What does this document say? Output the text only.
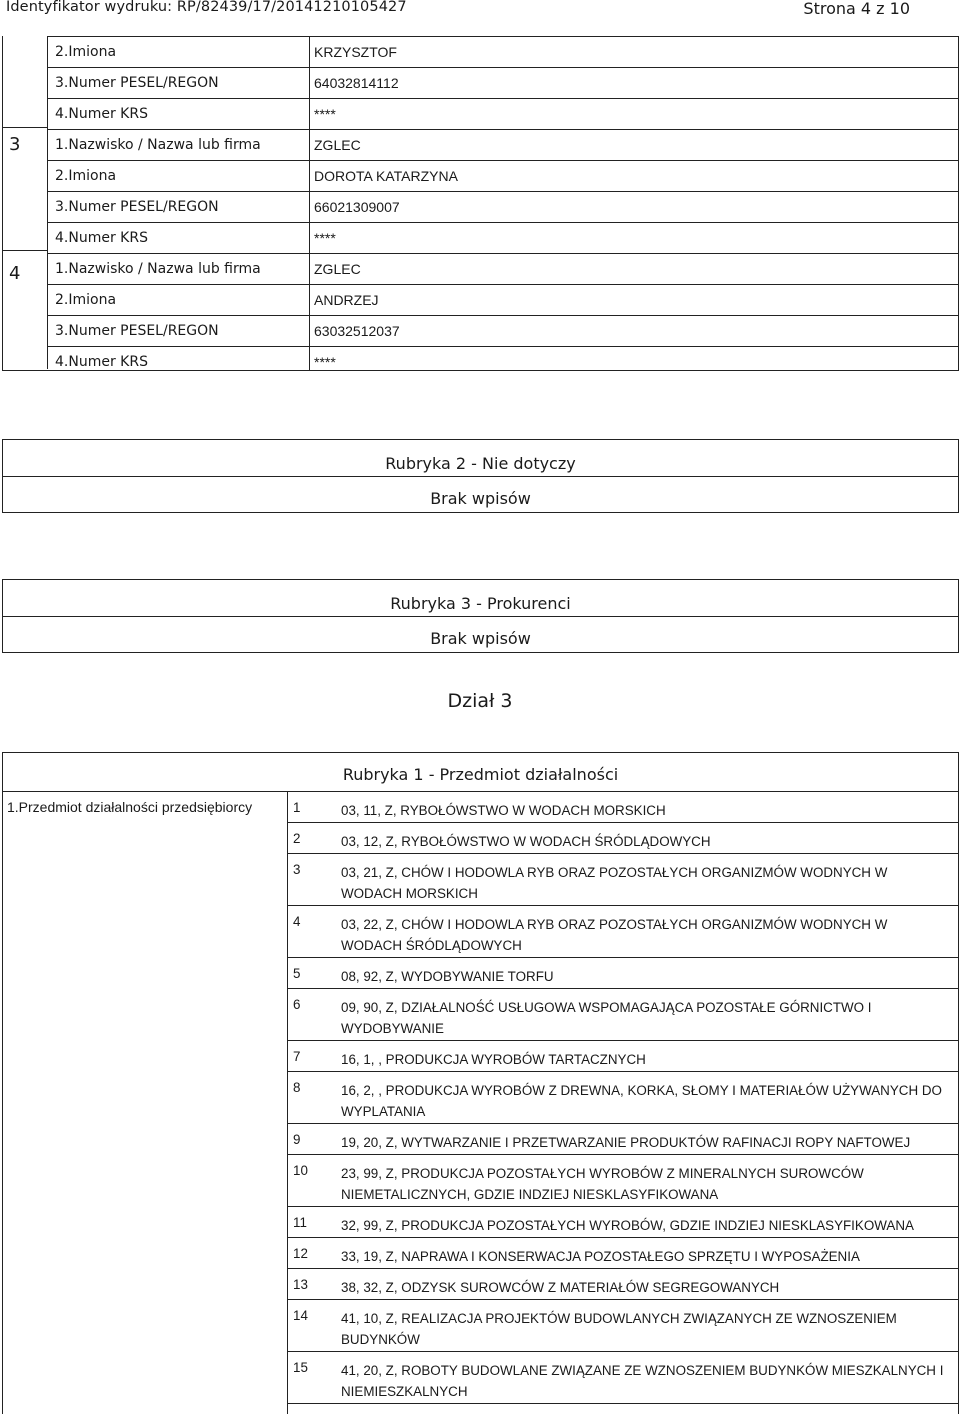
Identyfikator wydruku: RP/82439/17/20141210105427	Strona 4 z 10
2.Imiona	KRZYSZTOF
3.Numer PESEL/REGON	64032814112
4.Numer KRS	****
3 1.Nazwisko / Nazwa lub firma	ZGLEC
2.Imiona	DOROTA KATARZYNA
3.Numer PESEL/REGON	66021309007
4.Numer KRS	****
4 1.Nazwisko / Nazwa lub firma	ZGLEC
2.Imiona	ANDRZEJ
3.Numer PESEL/REGON	63032512037
4.Numer KRS	****
Rubryka 2 - Nie dotyczy
Brak wpisów
Rubryka 3 - Prokurenci
Brak wpisów
Dział 3
Rubryka 1 - Przedmiot działalności
1.Przedmiot działalności przedsiębiorcy	1	03, 11, Z, RYBOŁÓWSTWO W WODACH MORSKICH
2	03, 12, Z, RYBOŁÓWSTWO W WODACH ŚRÓDLĄDOWYCH
3	03, 21, Z, CHÓW I HODOWLA RYB ORAZ POZOSTAŁYCH ORGANIZMÓW WODNYCH W WODACH MORSKICH
4	03, 22, Z, CHÓW I HODOWLA RYB ORAZ POZOSTAŁYCH ORGANIZMÓW WODNYCH W WODACH ŚRÓDLĄDOWYCH
5	08, 92, Z, WYDOBYWANIE TORFU
6	09, 90, Z, DZIAŁALNOŚĆ USŁUGOWA WSPOMAGAJĄCA POZOSTAŁE GÓRNICTWO I WYDOBYWANIE
7	16, 1, , PRODUKCJA WYROBÓW TARTACZNYCH
8	16, 2, , PRODUKCJA WYROBÓW Z DREWNA, KORKA, SŁOMY I MATERIAŁÓW UŻYWANYCH DO WYPLATANIA
9	19, 20, Z, WYTWARZANIE I PRZETWARZANIE PRODUKTÓW RAFINACJI ROPY NAFTOWEJ
10 23, 99, Z, PRODUKCJA POZOSTAŁYCH WYROBÓW Z MINERALNYCH SUROWCÓW NIEMETALICZNYCH, GDZIE INDZIEJ NIESKLASYFIKOWANA
11	32, 99, Z, PRODUKCJA POZOSTAŁYCH WYROBÓW, GDZIE INDZIEJ NIESKLASYFIKOWANA
12 33, 19, Z, NAPRAWA I KONSERWACJA POZOSTAŁEGO SPRZĘTU I WYPOSAŻENIA
13 38, 32, Z, ODZYSK SUROWCÓW Z MATERIAŁÓW SEGREGOWANYCH
14 41, 10, Z, REALIZACJA PROJEKTÓW BUDOWLANYCH ZWIĄZANYCH ZE WZNOSZENIEM BUDYNKÓW
15 41, 20, Z, ROBOTY BUDOWLANE ZWIĄZANE ZE WZNOSZENIEM BUDYNKÓW MIESZKALNYCH I NIEMIESZKALNYCH
